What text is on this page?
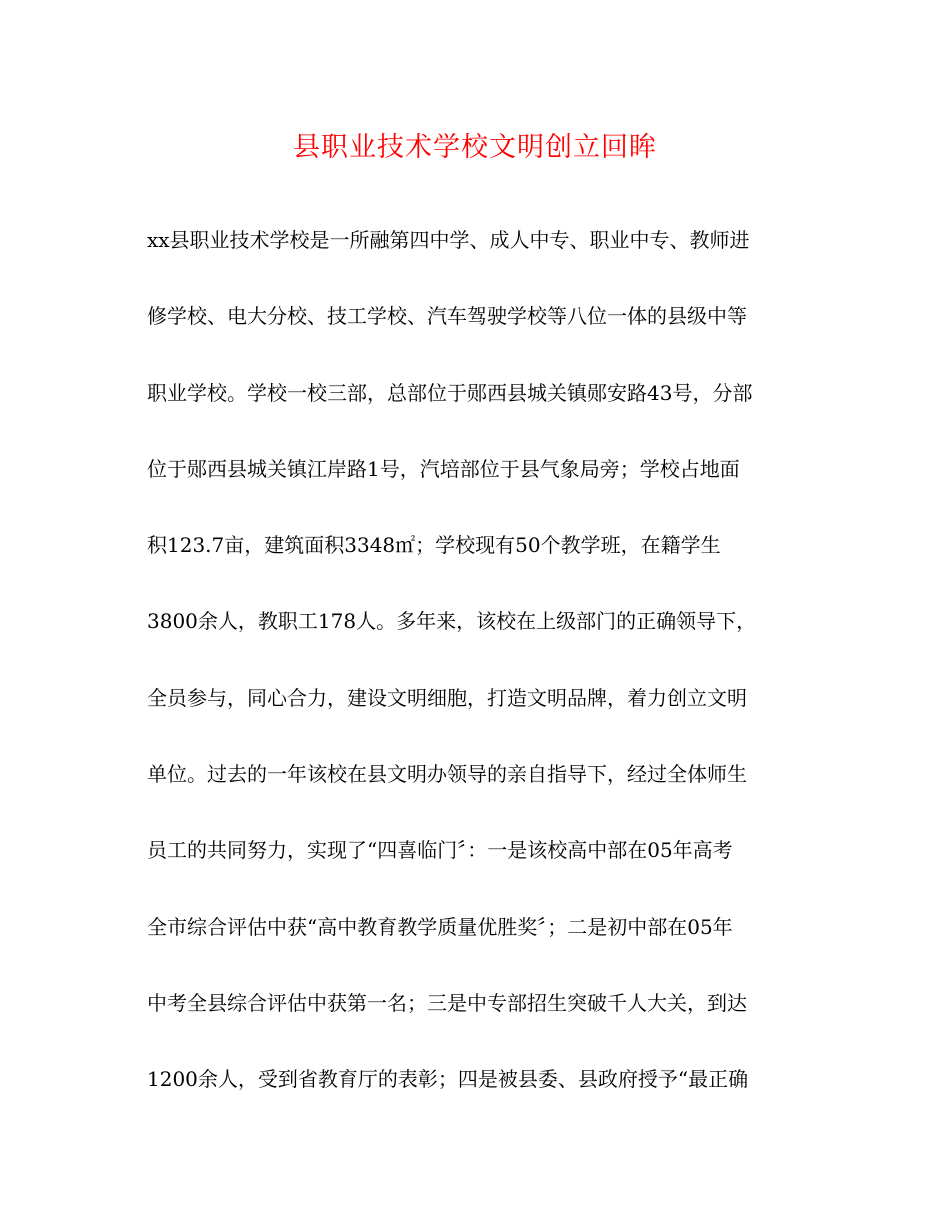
县职业技术学校文明创立回眸
xx县职业技术学校是一所融第四中学、成人中专、职业中专、教师进
修学校、电大分校、技工学校、汽车驾驶学校等八位一体的县级中等
职业学校。学校一校三部，总部位于郧西县城关镇郧安路43号，分部
位于郧西县城关镇江岸路1号，汽培部位于县气象局旁；学校占地面
积123.7亩，建筑面积3348㎡；学校现有50个教学班，在籍学生
3800余人，教职工178人。多年来，该校在上级部门的正确领导下，
全员参与，同心合力，建设文明细胞，打造文明品牌，着力创立文明
单位。过去的一年该校在县文明办领导的亲自指导下，经过全体师生
员工的共同努力，实现了“四喜临门〞：一是该校高中部在05年高考
全市综合评估中获“高中教育教学质量优胜奖〞；二是初中部在05年
中考全县综合评估中获第一名；三是中专部招生突破千人大关，到达
1200余人，受到省教育厅的表彰；四是被县委、县政府授予“最正确
